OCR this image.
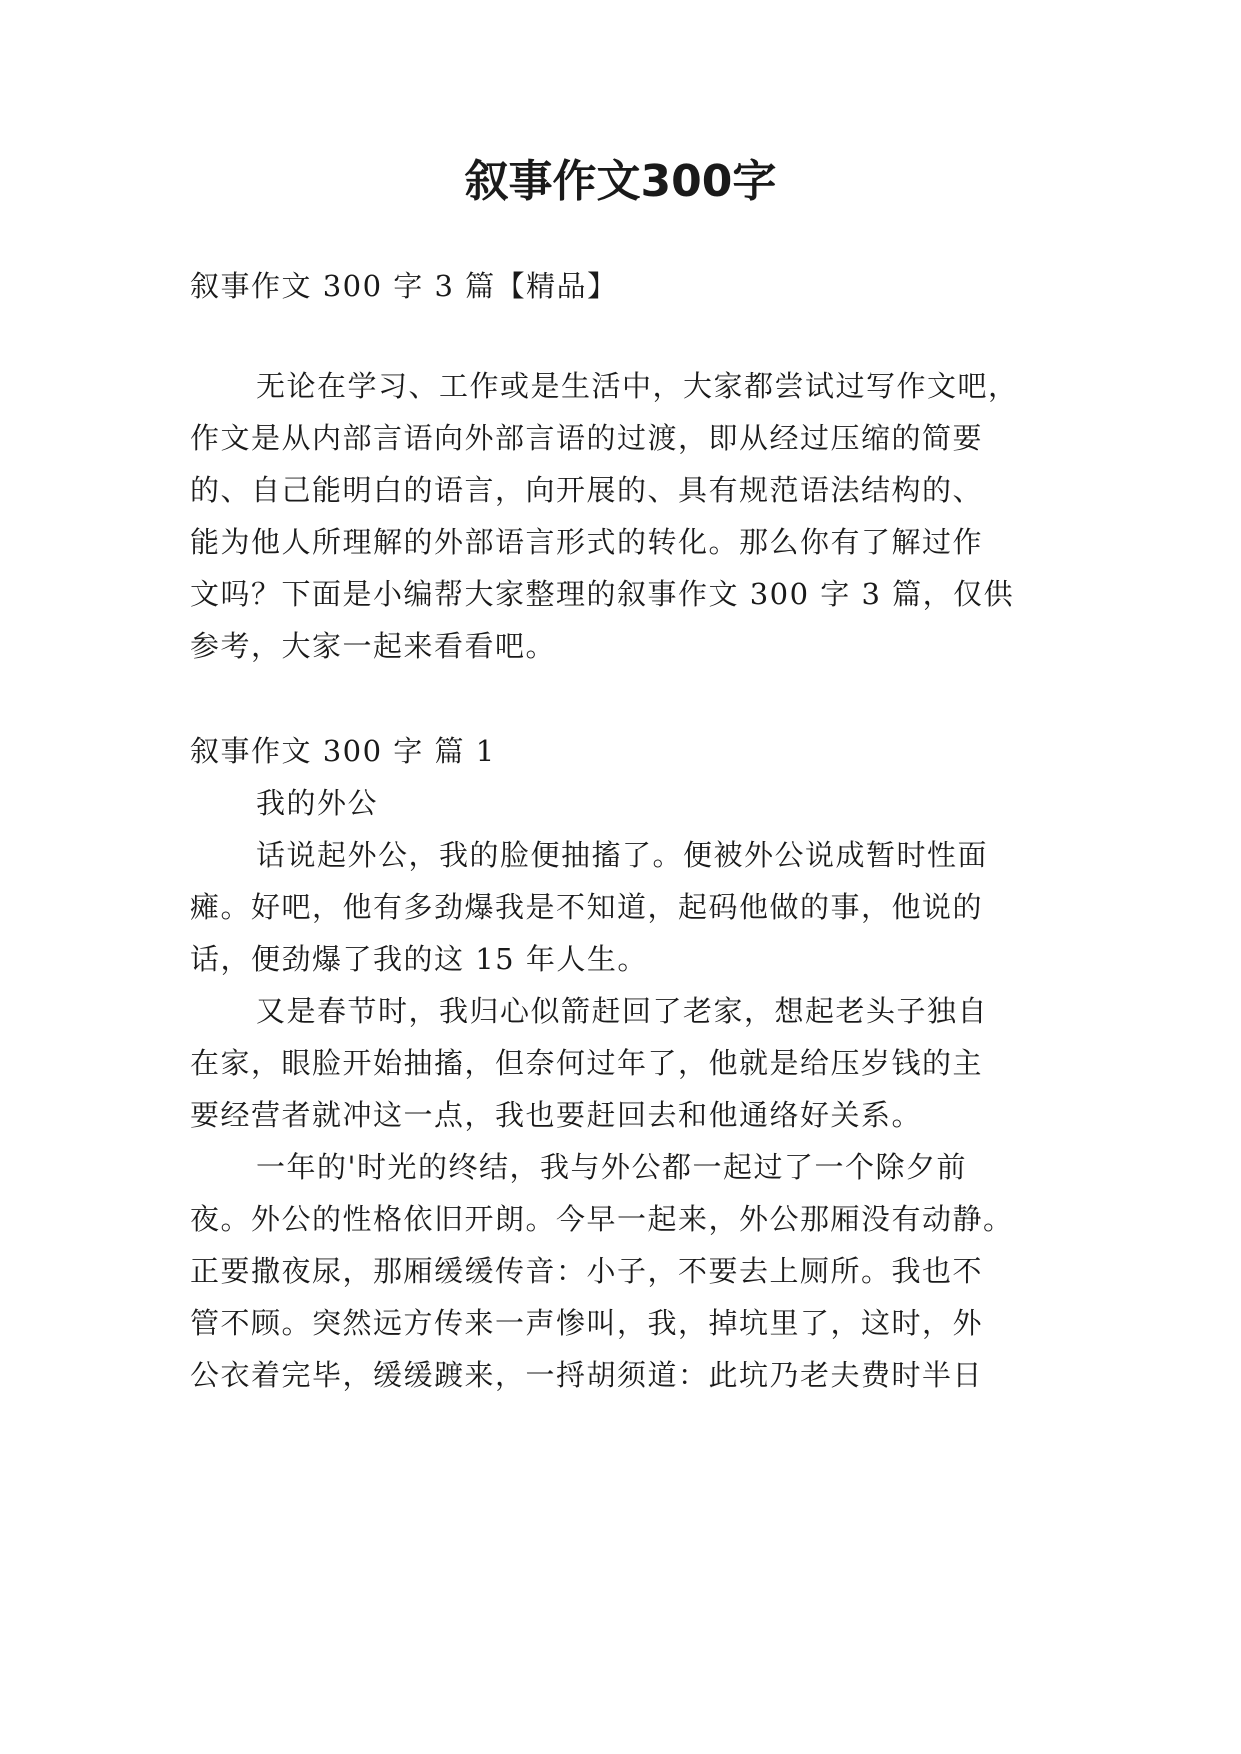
叙事作文300字

叙事作文 300 字 3 篇【精品】

无论在学习、工作或是生活中，大家都尝试过写作文吧，

作文是从内部言语向外部言语的过渡，即从经过压缩的简要

的、自己能明白的语言，向开展的、具有规范语法结构的、

能为他人所理解的外部语言形式的转化。那么你有了解过作

文吗？下面是小编帮大家整理的叙事作文 300 字 3 篇，仅供

参考，大家一起来看看吧。

叙事作文 300 字 篇 1

我的外公

话说起外公，我的脸便抽搐了。便被外公说成暂时性面

瘫。好吧，他有多劲爆我是不知道，起码他做的事，他说的

话，便劲爆了我的这 15 年人生。

又是春节时，我归心似箭赶回了老家，想起老头子独自

在家，眼脸开始抽搐，但奈何过年了，他就是给压岁钱的主

要经营者就冲这一点，我也要赶回去和他通络好关系。

一年的'时光的终结，我与外公都一起过了一个除夕前

夜。外公的性格依旧开朗。今早一起来，外公那厢没有动静。

正要撒夜尿，那厢缓缓传音：小子，不要去上厕所。我也不

管不顾。突然远方传来一声惨叫，我，掉坑里了，这时，外

公衣着完毕，缓缓踱来，一捋胡须道：此坑乃老夫费时半日
